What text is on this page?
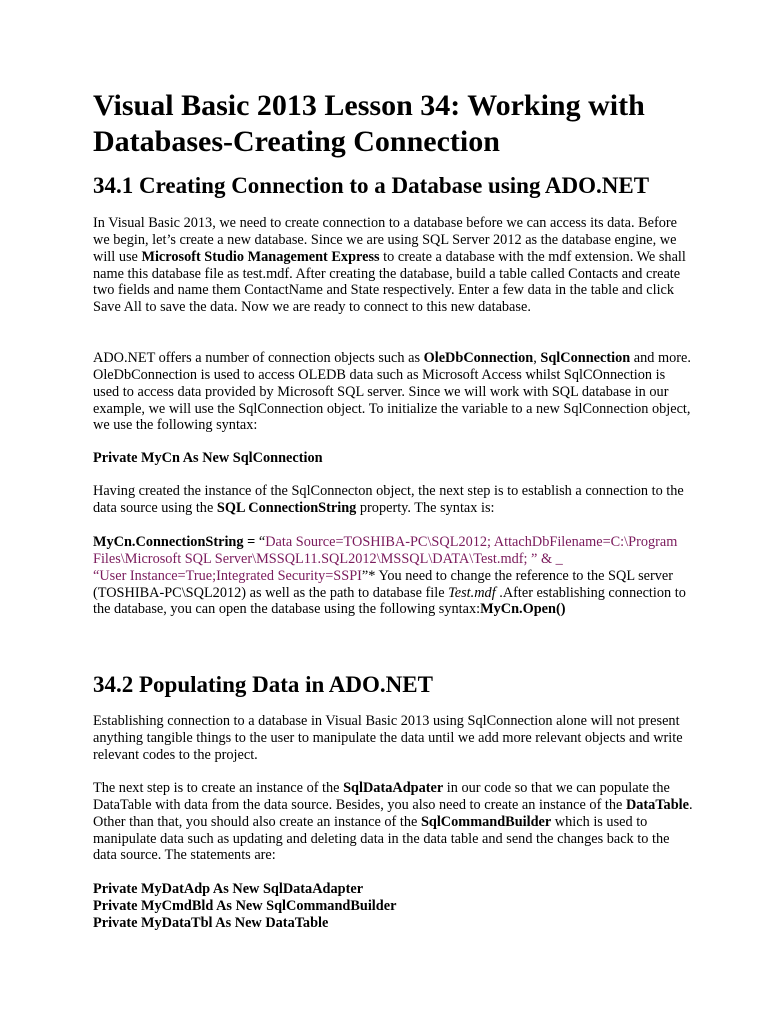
Visual Basic 2013 Lesson 34: Working with
Databases-Creating Connection
34.1 Creating Connection to a Database using ADO.NET

In Visual Basic 2013, we need to create connection to a database before we can access its data. Before we begin, let’s create a new database. Since we are using SQL Server 2012 as the database engine, we will use Microsoft Studio Management Express to create a database with the mdf extension. We shall name this database file as test.mdf. After creating the database, build a table called Contacts and create two fields and name them ContactName and State respectively. Enter a few data in the table and click Save All to save the data. Now we are ready to connect to this new database.

ADO.NET offers a number of connection objects such as OleDbConnection, SqlConnection and more. OleDbConnection is used to access OLEDB data such as Microsoft Access whilst SqlCOnnection is used to access data provided by Microsoft SQL server. Since we will work with SQL database in our example, we will use the SqlConnection object. To initialize the variable to a new SqlConnection object, we use the following syntax:

Private MyCn As New SqlConnection

Having created the instance of the SqlConnecton object, the next step is to establish a connection to the data source using the SQL ConnectionString property. The syntax is:

MyCn.ConnectionString = “Data Source=TOSHIBA-PC\SQL2012; AttachDbFilename=C:\Program Files\Microsoft SQL Server\MSSQL11.SQL2012\MSSQL\DATA\Test.mdf; ” & _
“User Instance=True;Integrated Security=SSPI”* You need to change the reference to the SQL server (TOSHIBA-PC\SQL2012) as well as the path to database file Test.mdf .After establishing connection to the database, you can open the database using the following syntax:MyCn.Open()

34.2 Populating Data in ADO.NET

Establishing connection to a database in Visual Basic 2013 using SqlConnection alone will not present anything tangible things to the user to manipulate the data until we add more relevant objects and write relevant codes to the project.

The next step is to create an instance of the SqlDataAdpater in our code so that we can populate the DataTable with data from the data source. Besides, you also need to create an instance of the DataTable. Other than that, you should also create an instance of the SqlCommandBuilder which is used to manipulate data such as updating and deleting data in the data table and send the changes back to the data source. The statements are:

Private MyDatAdp As New SqlDataAdapter

Private MyCmdBld As New SqlCommandBuilder

Private MyDataTbl As New DataTable
